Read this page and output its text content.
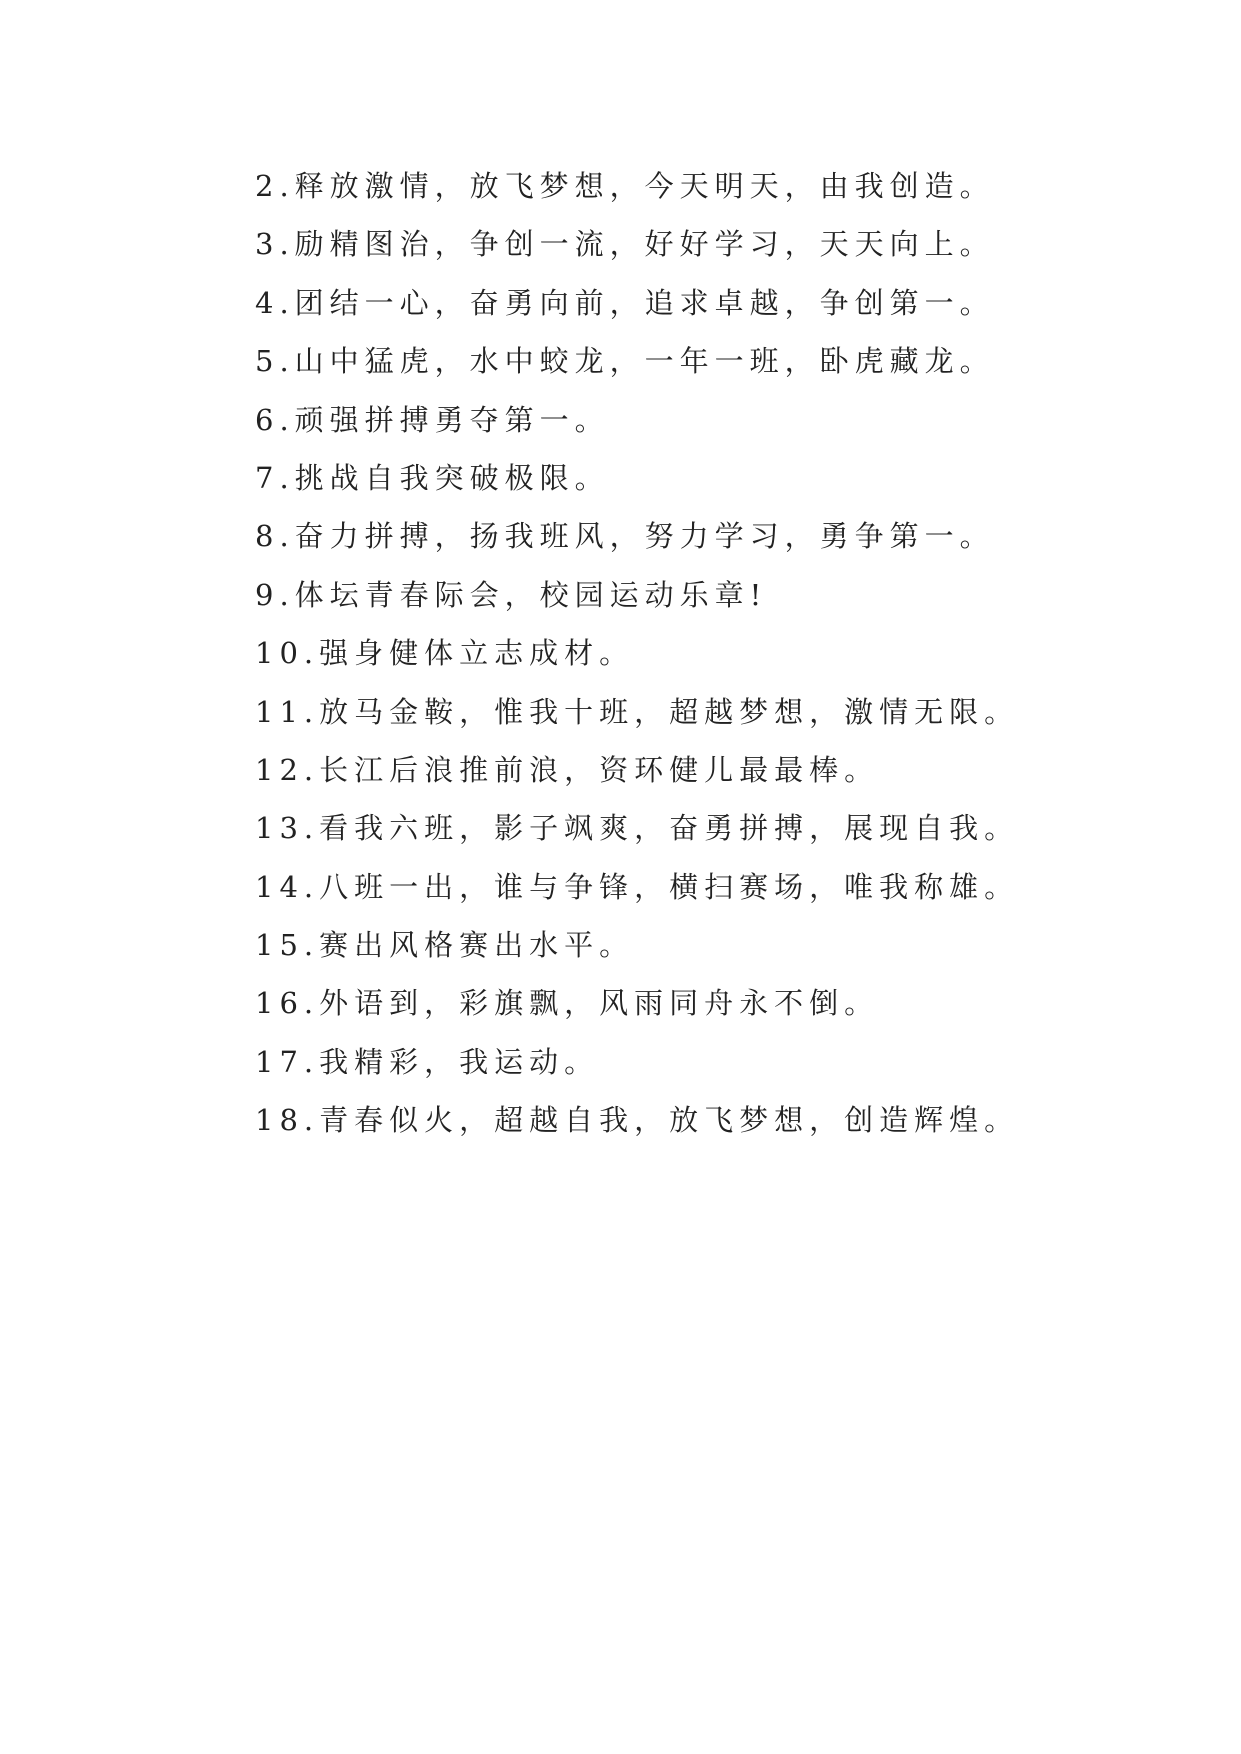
2.释放激情，放飞梦想，今天明天，由我创造。
3.励精图治，争创一流，好好学习，天天向上。
4.团结一心，奋勇向前，追求卓越，争创第一。
5.山中猛虎，水中蛟龙，一年一班，卧虎藏龙。
6.顽强拼搏勇夺第一。
7.挑战自我突破极限。
8.奋力拼搏，扬我班风，努力学习，勇争第一。
9.体坛青春际会，校园运动乐章!
10.强身健体立志成材。
11.放马金鞍，惟我十班，超越梦想，激情无限。
12.长江后浪推前浪，资环健儿最最棒。
13.看我六班，影子飒爽，奋勇拼搏，展现自我。
14.八班一出，谁与争锋，横扫赛场，唯我称雄。
15.赛出风格赛出水平。
16.外语到，彩旗飘，风雨同舟永不倒。
17.我精彩，我运动。
18.青春似火，超越自我，放飞梦想，创造辉煌。
